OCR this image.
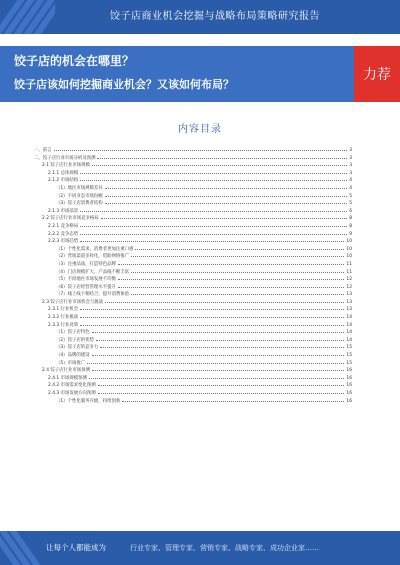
饺子店商业机会挖掘与战略布局策略研究报告
饺子店的机会在哪里？
饺子店该如何挖掘商业机会？又该如何布局？
力荐
内容目录
一、前言	3
二、饺子店行业市场分析及预测	3
2.1 饺子店行业市场规模	3
2.1.1 总体规模	3
2.1.2 市场结构	4
（1）地区市场规模差异	4
（2）不同业态市场份额	5
（3）饺子店消费者结构	5
2.1.3 市场前景	6
2.2 饺子店行业市场竞争格局	8
2.2.1 竞争格局	8
2.2.2 竞争态势	9
2.2.3 市场趋势	10
（1）个性化需求，消费者更加注重口感	10
（2）营销渠道多样化，借助网络推广	10
（3）注重品质，打造特色品牌	11
（4）门店规模扩大，产品线不断丰富	11
（5）不同地区市场发展不均衡	12
（6）饺子店经营管理水平提升	12
（7）线上线下相结合，提升消费体验	13
2.3 饺子店行业市场机会与挑战	13
2.3.1 行业机会	13
2.3.2 行业挑战	14
2.3.3 行业对策	14
（1）饺子店特色	14
（2）饺子店的优势	14
（3）饺子店的竞争力	15
（4）品牌的建设	15
（5）市场推广	15
2.4 饺子店行业市场预测	16
2.4.1 市场规模预测	16
2.4.2 市场需求变化预测	16
2.4.3 市场发展方向预测	16
（1）个性化服务升级，持续创新	16
让每个人都能成为	行业专家、管理专家、营销专家、战略专家、成功企业家……
